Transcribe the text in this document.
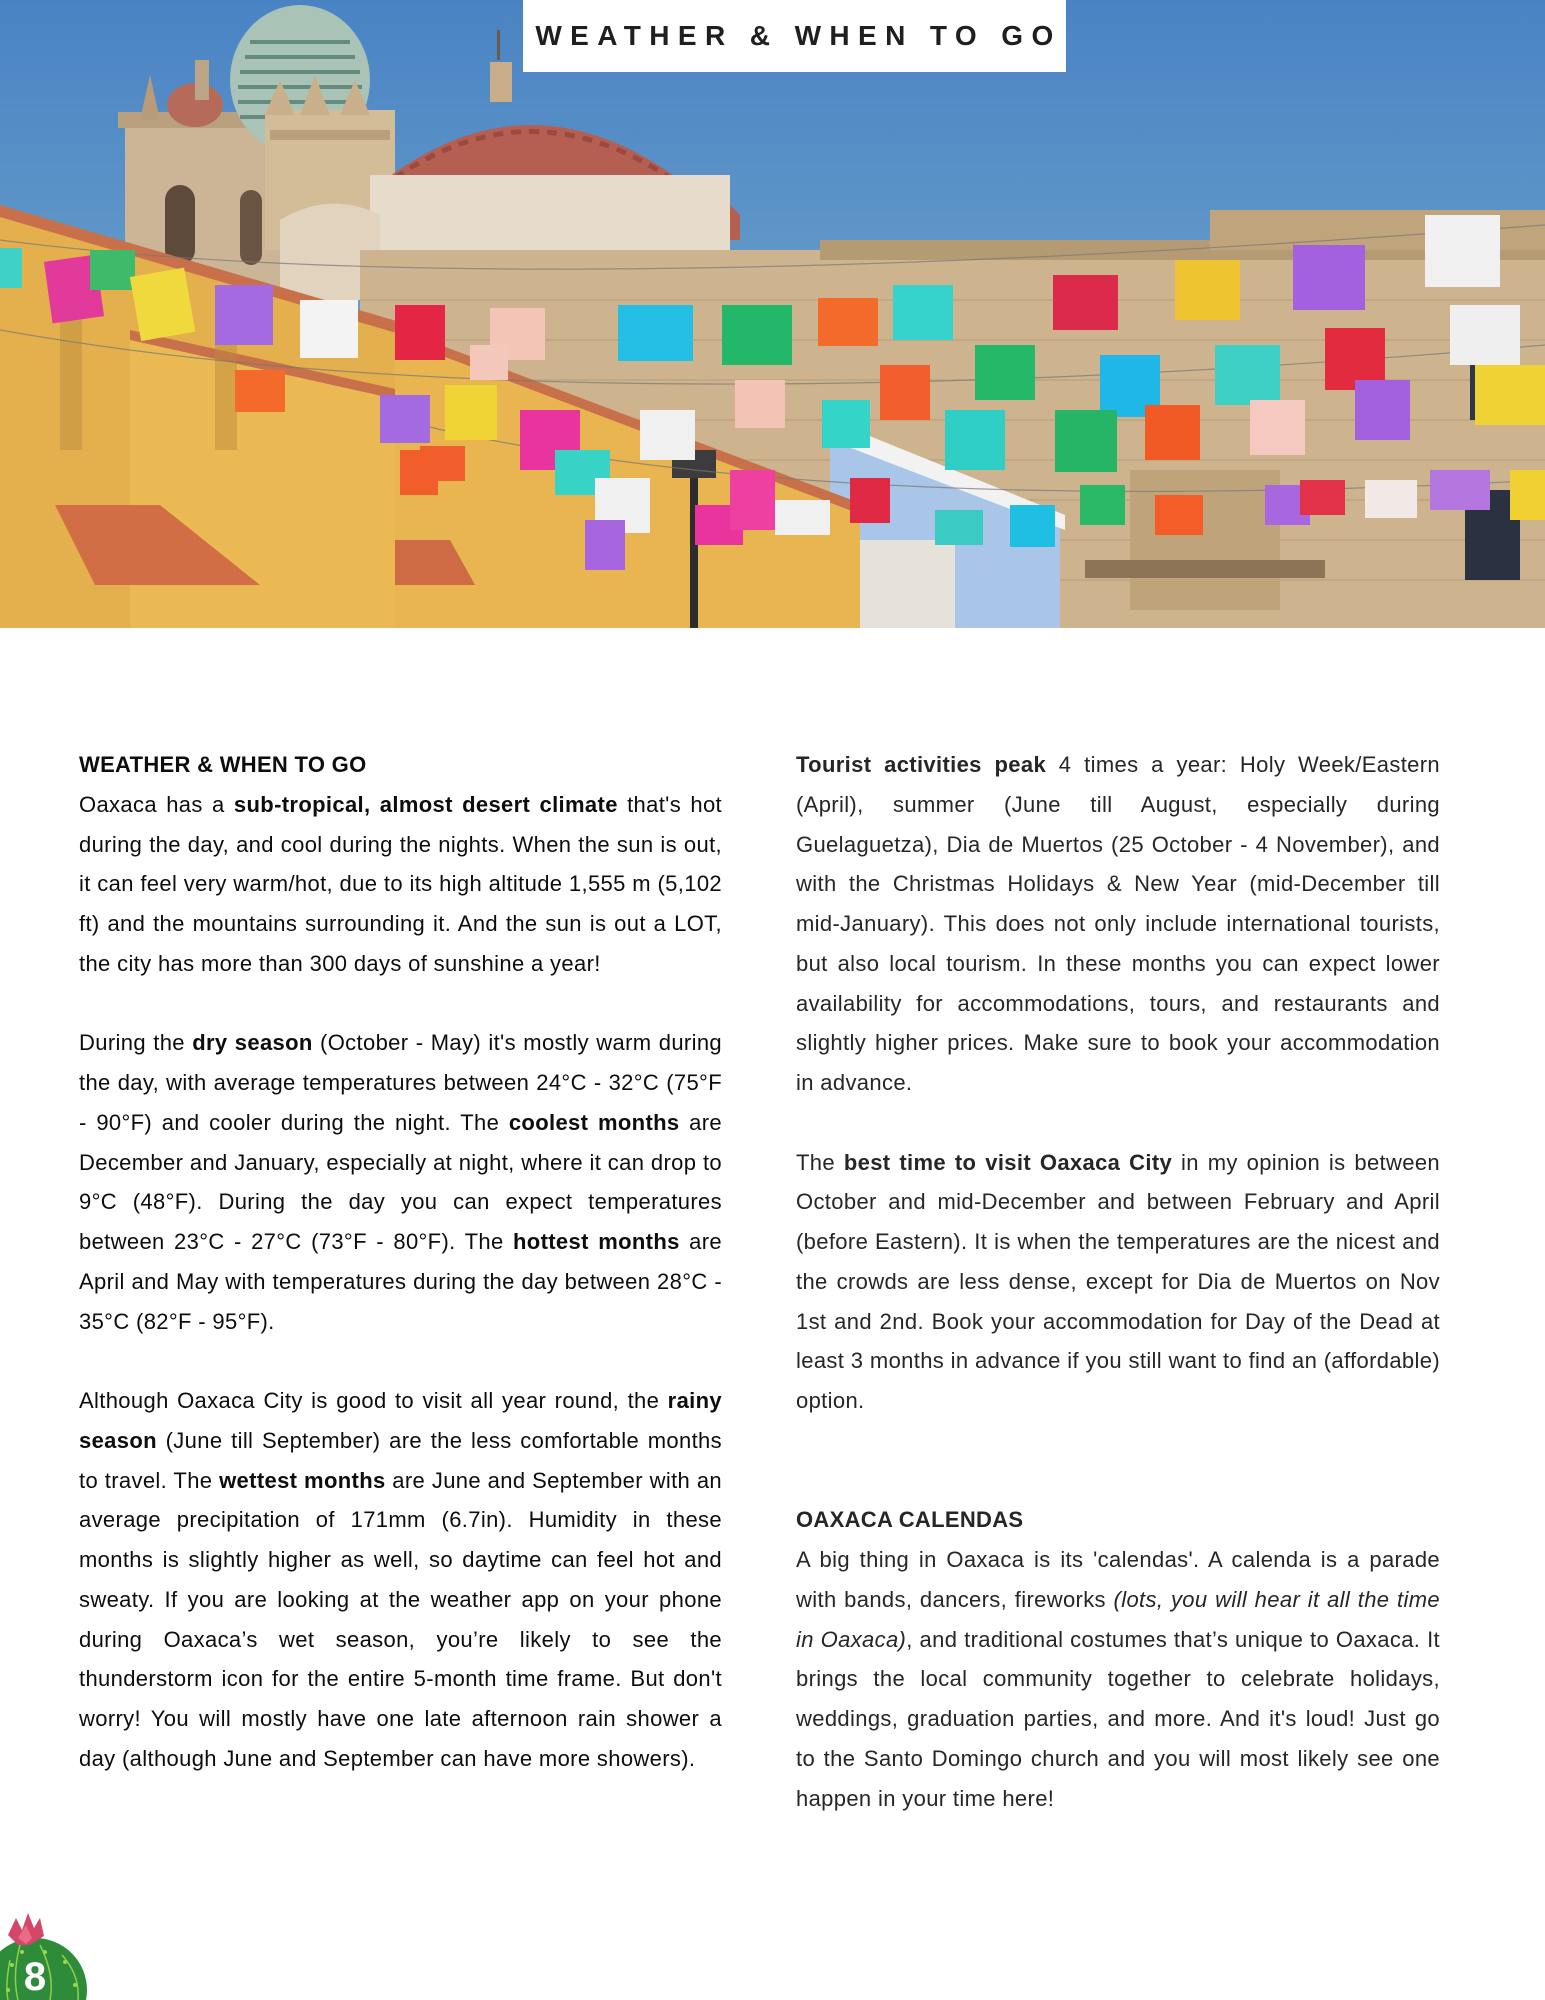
WEATHER & WHEN TO GO
WEATHER & WHEN TO GO

Oaxaca has a sub-tropical, almost desert climate that's hot during the day, and cool during the nights. When the sun is out, it can feel very warm/hot, due to its high altitude 1,555 m (5,102 ft) and the mountains surrounding it. And the sun is out a LOT, the city has more than 300 days of sunshine a year!

During the dry season (October - May) it's mostly warm during the day, with average temperatures between 24°C - 32°C (75°F - 90°F) and cooler during the night. The coolest months are December and January, especially at night, where it can drop to 9°C (48°F). During the day you can expect temperatures between 23°C - 27°C (73°F - 80°F). The hottest months are April and May with temperatures during the day between 28°C - 35°C (82°F - 95°F).

Although Oaxaca City is good to visit all year round, the rainy season (June till September) are the less comfortable months to travel. The wettest months are June and September with an average precipitation of 171mm (6.7in). Humidity in these months is slightly higher as well, so daytime can feel hot and sweaty. If you are looking at the weather app on your phone during Oaxaca’s wet season, you’re likely to see the thunderstorm icon for the entire 5-month time frame. But don't worry! You will mostly have one late afternoon rain shower a day (although June and September can have more showers).

Tourist activities peak 4 times a year: Holy Week/Eastern (April), summer (June till August, especially during Guelaguetza), Dia de Muertos (25 October - 4 November), and with the Christmas Holidays & New Year (mid-December till mid-January). This does not only include international tourists, but also local tourism. In these months you can expect lower availability for accommodations, tours, and restaurants and slightly higher prices. Make sure to book your accommodation in advance.

The best time to visit Oaxaca City in my opinion is between October and mid-December and between February and April (before Eastern). It is when the temperatures are the nicest and the crowds are less dense, except for Dia de Muertos on Nov 1st and 2nd. Book your accommodation for Day of the Dead at least 3 months in advance if you still want to find an (affordable) option.

OAXACA CALENDAS

A big thing in Oaxaca is its 'calendas'. A calenda is a parade with bands, dancers, fireworks (lots, you will hear it all the time in Oaxaca), and traditional costumes that’s unique to Oaxaca. It brings the local community together to celebrate holidays, weddings, graduation parties, and more. And it's loud! Just go to the Santo Domingo church and you will most likely see one happen in your time here!

8
